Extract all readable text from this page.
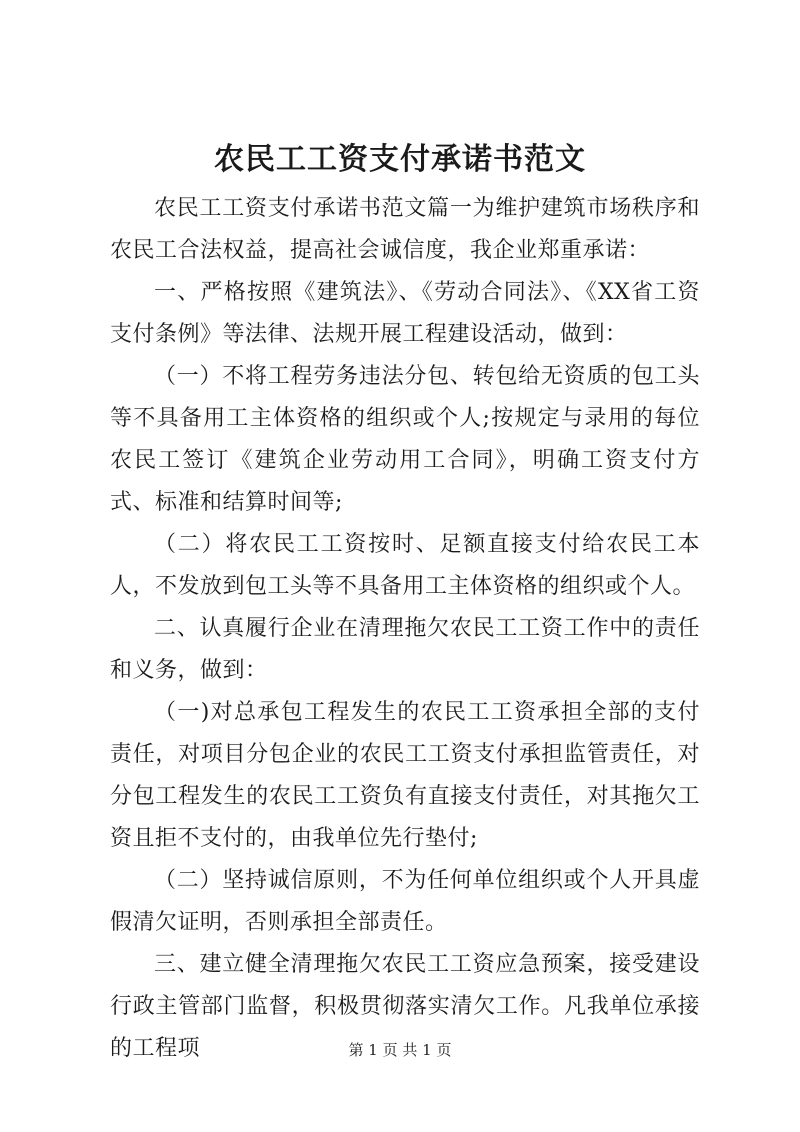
农民工工资支付承诺书范文

农民工工资支付承诺书范文篇一为维护建筑市场秩序和农民工合法权益，提高社会诚信度，我企业郑重承诺：

一、严格按照《建筑法》、《劳动合同法》、《XX省工资支付条例》等法律、法规开展工程建设活动，做到：

（一）不将工程劳务违法分包、转包给无资质的包工头等不具备用工主体资格的组织或个人;按规定与录用的每位农民工签订《建筑企业劳动用工合同》，明确工资支付方式、标准和结算时间等;

（二）将农民工工资按时、足额直接支付给农民工本人，不发放到包工头等不具备用工主体资格的组织或个人。

二、认真履行企业在清理拖欠农民工工资工作中的责任和义务，做到：

（一)对总承包工程发生的农民工工资承担全部的支付责任，对项目分包企业的农民工工资支付承担监管责任，对分包工程发生的农民工工资负有直接支付责任，对其拖欠工资且拒不支付的，由我单位先行垫付;

（二）坚持诚信原则，不为任何单位组织或个人开具虚假清欠证明，否则承担全部责任。

三、建立健全清理拖欠农民工工资应急预案，接受建设行政主管部门监督，积极贯彻落实清欠工作。凡我单位承接的工程项	第 1 页 共 1 页
